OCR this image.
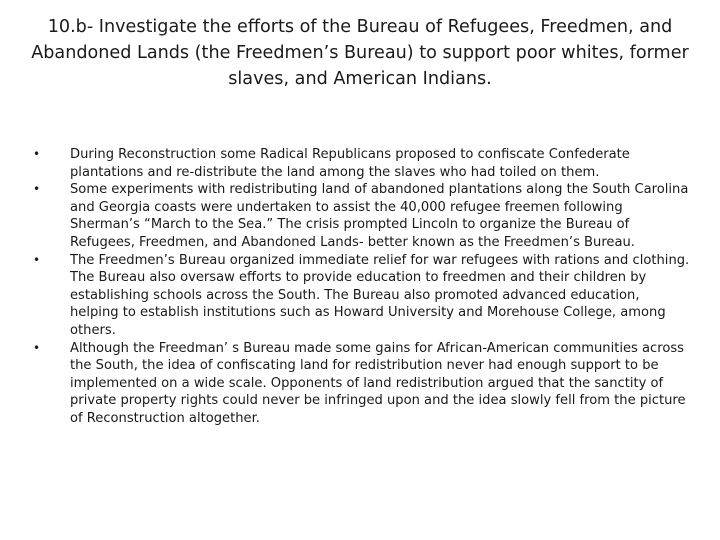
10.b- Investigate the efforts of the Bureau of Refugees, Freedmen, and Abandoned Lands (the Freedmen’s Bureau) to support poor whites, former slaves, and American Indians.
• During Reconstruction some Radical Republicans proposed to confiscate Confederate plantations and re-distribute the land among the slaves who had toiled on them.
• Some experiments with redistributing land of abandoned plantations along the South Carolina and Georgia coasts were undertaken to assist the 40,000 refugee freemen following Sherman’s “March to the Sea.” The crisis prompted Lincoln to organize the Bureau of Refugees, Freedmen, and Abandoned Lands- better known as the Freedmen’s Bureau.
• The Freedmen’s Bureau organized immediate relief for war refugees with rations and clothing. The Bureau also oversaw efforts to provide education to freedmen and their children by establishing schools across the South. The Bureau also promoted advanced education, helping to establish institutions such as Howard University and Morehouse College, among others.
• Although the Freedman’ s Bureau made some gains for African-American communities across the South, the idea of confiscating land for redistribution never had enough support to be implemented on a wide scale. Opponents of land redistribution argued that the sanctity of private property rights could never be infringed upon and the idea slowly fell from the picture of Reconstruction altogether.
